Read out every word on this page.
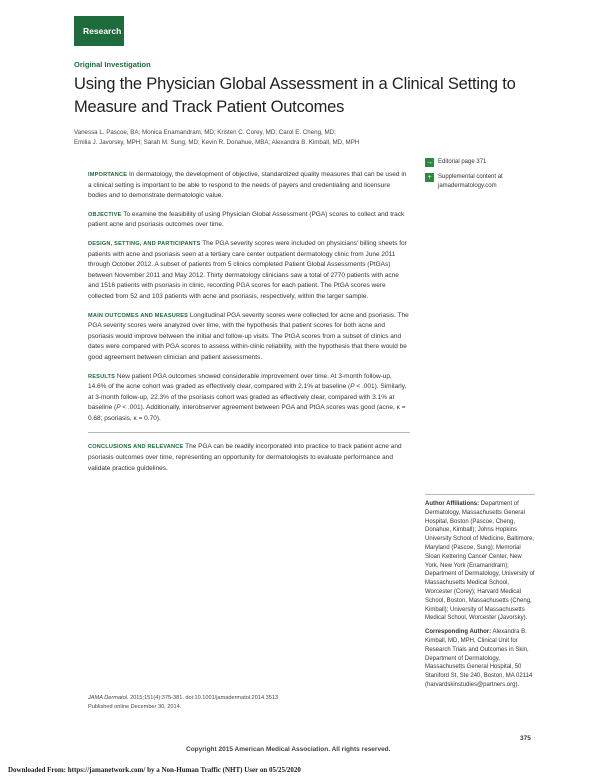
Research
Original Investigation
Using the Physician Global Assessment in a Clinical Setting to Measure and Track Patient Outcomes
Vanessa L. Pascoe, BA; Monica Enamandram, MD; Kristen C. Corey, MD; Carol E. Cheng, MD;
Emilia J. Javorsky, MPH; Sarah M. Sung, MD; Kevin R. Donahue, MBA; Alexandra B. Kimball, MD, MPH

IMPORTANCE In dermatology, the development of objective, standardized quality measures that can be used in a clinical setting is important to be able to respond to the needs of payers and credentialing and licensure bodies and to demonstrate dermatologic value.

OBJECTIVE To examine the feasibility of using Physician Global Assessment (PGA) scores to collect and track patient acne and psoriasis outcomes over time.

DESIGN, SETTING, AND PARTICIPANTS The PGA severity scores were included on physicians' billing sheets for patients with acne and psoriasis seen at a tertiary care center outpatient dermatology clinic from June 2011 through October 2012. A subset of patients from 5 clinics completed Patient Global Assessments (PtGAs) between November 2011 and May 2012. Thirty dermatology clinicians saw a total of 2770 patients with acne and 1516 patients with psoriasis in clinic, recording PGA scores for each patient. The PtGA scores were collected from 52 and 103 patients with acne and psoriasis, respectively, within the larger sample.

MAIN OUTCOMES AND MEASURES Longitudinal PGA severity scores were collected for acne and psoriasis. The PGA severity scores were analyzed over time, with the hypothesis that patient scores for both acne and psoriasis would improve between the initial and follow-up visits. The PtGA scores from a subset of clinics and dates were compared with PGA scores to assess within-clinic reliability, with the hypothesis that there would be good agreement between clinician and patient assessments.

RESULTS New patient PGA outcomes showed considerable improvement over time. At 3-month follow-up, 14.6% of the acne cohort was graded as effectively clear, compared with 2.1% at baseline (P < .001). Similarly, at 3-month follow-up, 22.3% of the psoriasis cohort was graded as effectively clear, compared with 3.1% at baseline (P < .001). Additionally, interobserver agreement between PGA and PtGA scores was good (acne, κ = 0.68; psoriasis, κ = 0.70).

CONCLUSIONS AND RELEVANCE The PGA can be readily incorporated into practice to track patient acne and psoriasis outcomes over time, representing an opportunity for dermatologists to evaluate performance and validate practice guidelines.

→ Editorial page 371
+	Supplemental content at
jamadermatology.com

Author Affiliations: Department of Dermatology, Massachusetts General Hospital, Boston (Pascoe, Cheng, Donahue, Kimball); Johns Hopkins University School of Medicine, Baltimore, Maryland (Pascoe, Sung); Memorial Sloan Kettering Cancer Center, New York, New York (Enamandram); Department of Dermatology, University of Massachusetts Medical School, Worcester (Corey); Harvard Medical School, Boston, Massachusetts (Cheng, Kimball); University of Massachusetts Medical School, Worcester (Javorsky).

Corresponding Author: Alexandra B. Kimball, MD, MPH, Clinical Unit for Research Trials and Outcomes in Skin, Department of Dermatology, Massachusetts General Hospital, 50 Staniford St, Ste 240, Boston, MA 02114 (harvardskinstudies@partners.org).

JAMA Dermatol. 2015;151(4):375-381. doi:10.1001/jamadermatol.2014.3513
Published online December 30, 2014.
375
Copyright 2015 American Medical Association. All rights reserved.
Downloaded From: https://jamanetwork.com/ by a Non-Human Traffic (NHT) User on 05/25/2020
